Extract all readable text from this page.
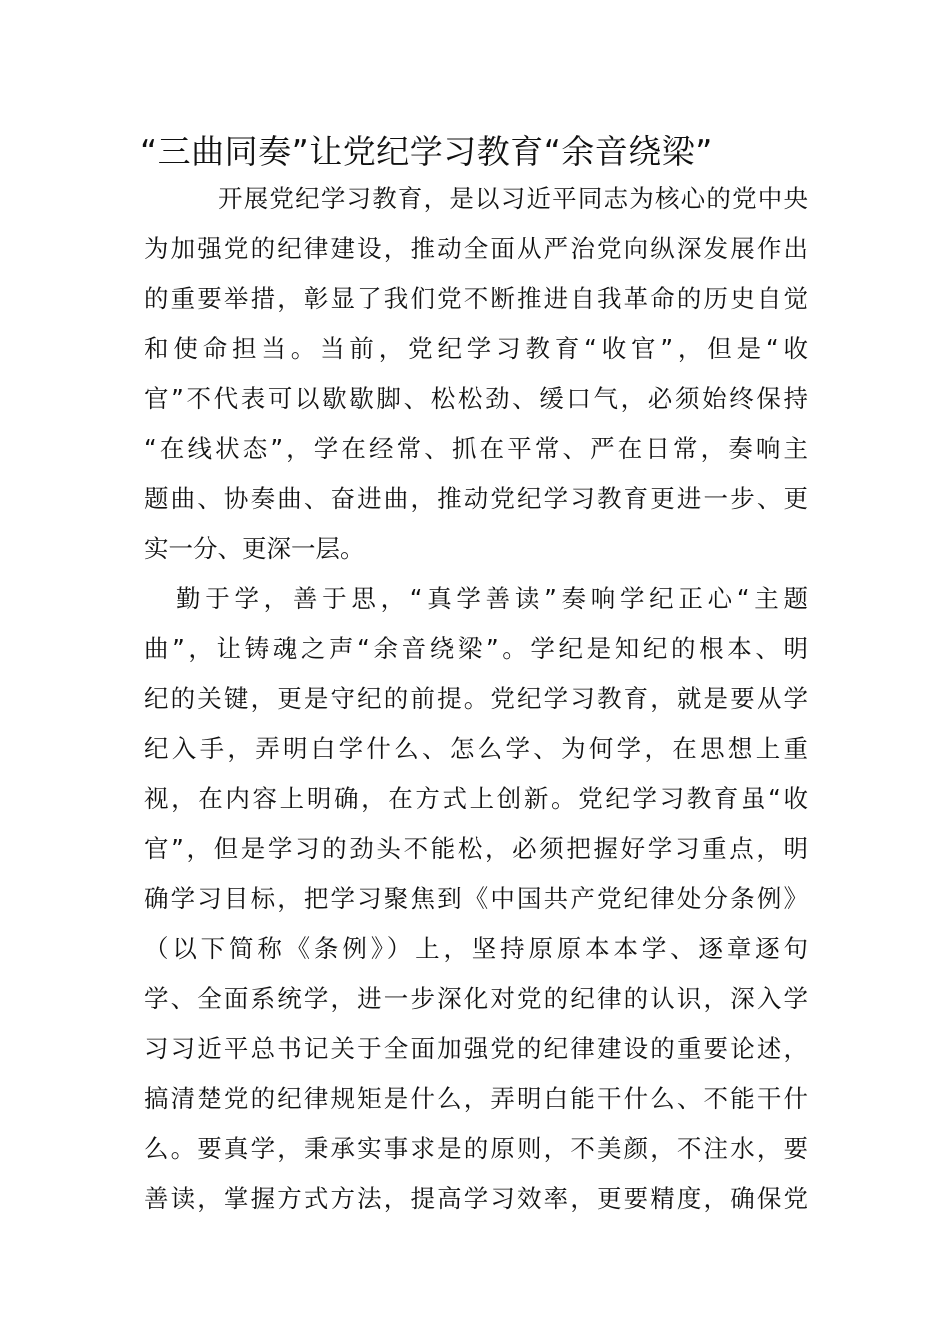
“三曲同奏”让党纪学习教育“余音绕梁”
开展党纪学习教育，是以习近平同志为核心的党中央
为加强党的纪律建设，推动全面从严治党向纵深发展作出
的重要举措，彰显了我们党不断推进自我革命的历史自觉
和使命担当。当前，党纪学习教育“收官”，但是“收
官”不代表可以歇歇脚、松松劲、缓口气，必须始终保持
“在线状态”，学在经常、抓在平常、严在日常，奏响主
题曲、协奏曲、奋进曲，推动党纪学习教育更进一步、更
实一分、更深一层。
勤于学，善于思，“真学善读”奏响学纪正心“主题
曲”，让铸魂之声“余音绕梁”。学纪是知纪的根本、明
纪的关键，更是守纪的前提。党纪学习教育，就是要从学
纪入手，弄明白学什么、怎么学、为何学，在思想上重
视，在内容上明确，在方式上创新。党纪学习教育虽“收
官”，但是学习的劲头不能松，必须把握好学习重点，明
确学习目标，把学习聚焦到《中国共产党纪律处分条例》
（以下简称《条例》）上，坚持原原本本学、逐章逐句
学、全面系统学，进一步深化对党的纪律的认识，深入学
习习近平总书记关于全面加强党的纪律建设的重要论述，
搞清楚党的纪律规矩是什么，弄明白能干什么、不能干什
么。要真学，秉承实事求是的原则，不美颜，不注水，要
善读，掌握方式方法，提高学习效率，更要精度，确保党
